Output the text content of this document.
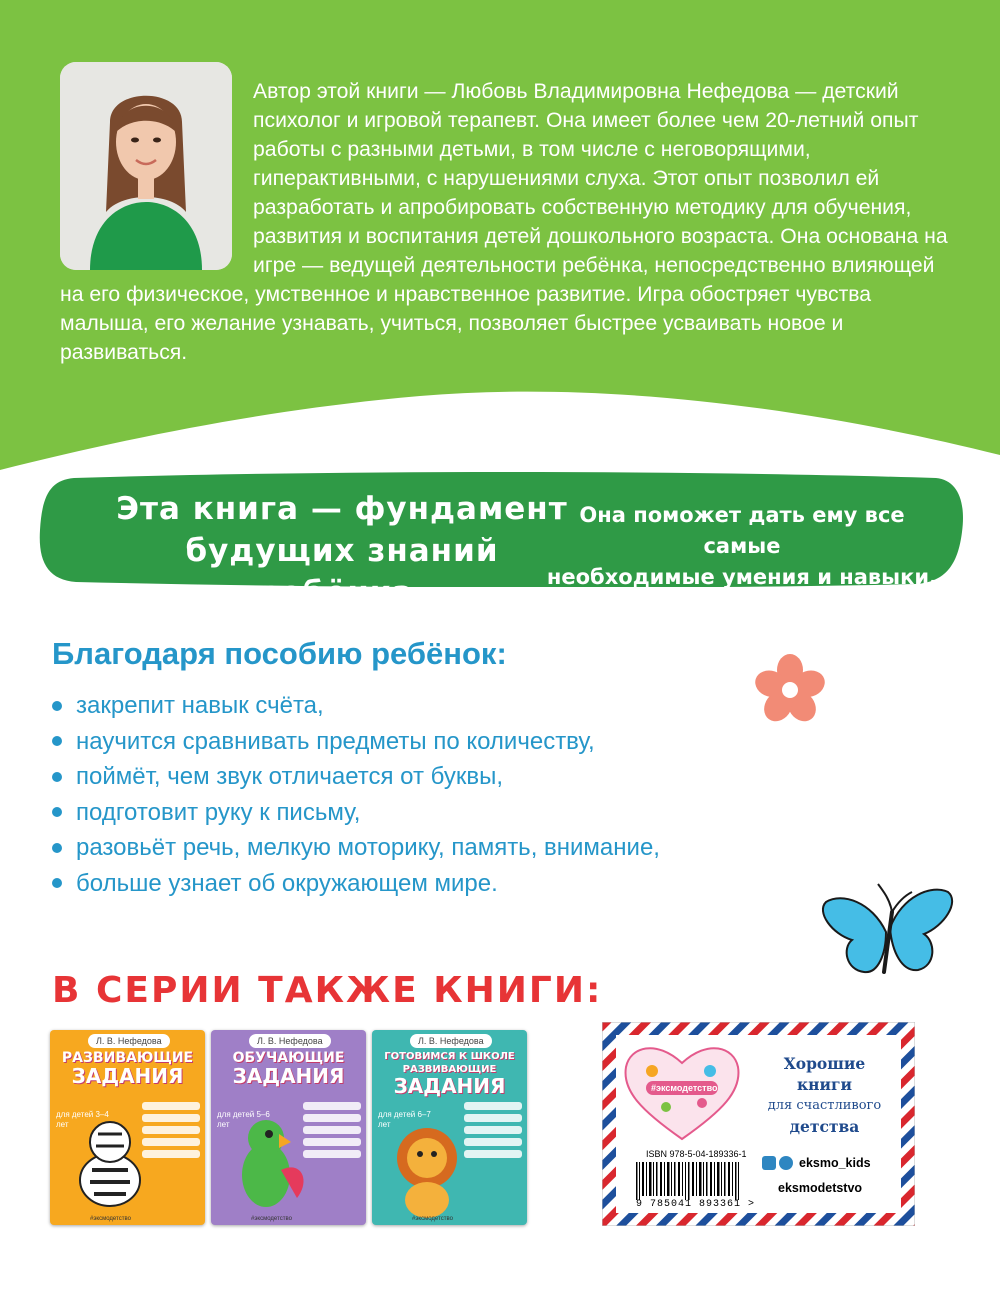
Автор этой книги — Любовь Владимировна Нефедова — детский психолог и игровой терапевт. Она имеет более чем 20-летний опыт работы с разными детьми, в том числе с неговорящими, гиперактивными, с нарушениями слуха. Этот опыт позволил ей разработать и апробировать собственную методику для обучения, развития и воспитания детей дошкольного возраста. Она основана на игре — ведущей деятельности ребёнка, непосредственно влияющей на его физическое, умственное и нравственное развитие. Игра обостряет чувства малыша, его желание узнавать, учиться, позволяет быстрее усваивать новое и развиваться.

Эта книга — фундамент
будущих знаний ребёнка.
Она поможет дать ему все самые
необходимые умения и навыки.
Благодаря пособию ребёнок:
закрепит навык счёта,
научится сравнивать предметы по количеству,
поймёт, чем звук отличается от буквы,
подготовит руку к письму,
разовьёт речь, мелкую моторику, память, внимание,
больше узнает об окружающем мире.
В СЕРИИ ТАКЖЕ КНИГИ:
Л. В. Нефедова
РАЗВИВАЮЩИЕ
ЗАДАНИЯ
для детей 3–4 лет
#эксмодетство
Л. В. Нефедова
ОБУЧАЮЩИЕ
ЗАДАНИЯ
для детей 5–6 лет
#эксмодетство
Л. В. Нефедова
ГОТОВИМСЯ К ШКОЛЕ
РАЗВИВАЮЩИЕ
ЗАДАНИЯ
для детей 6–7 лет
#эксмодетство
#эксмодетство
Хорошие
книги
для счастливого
детства
ISBN 978-5-04-189336-1
9 785041 893361 >
eksmo_kids
eksmodetstvo
